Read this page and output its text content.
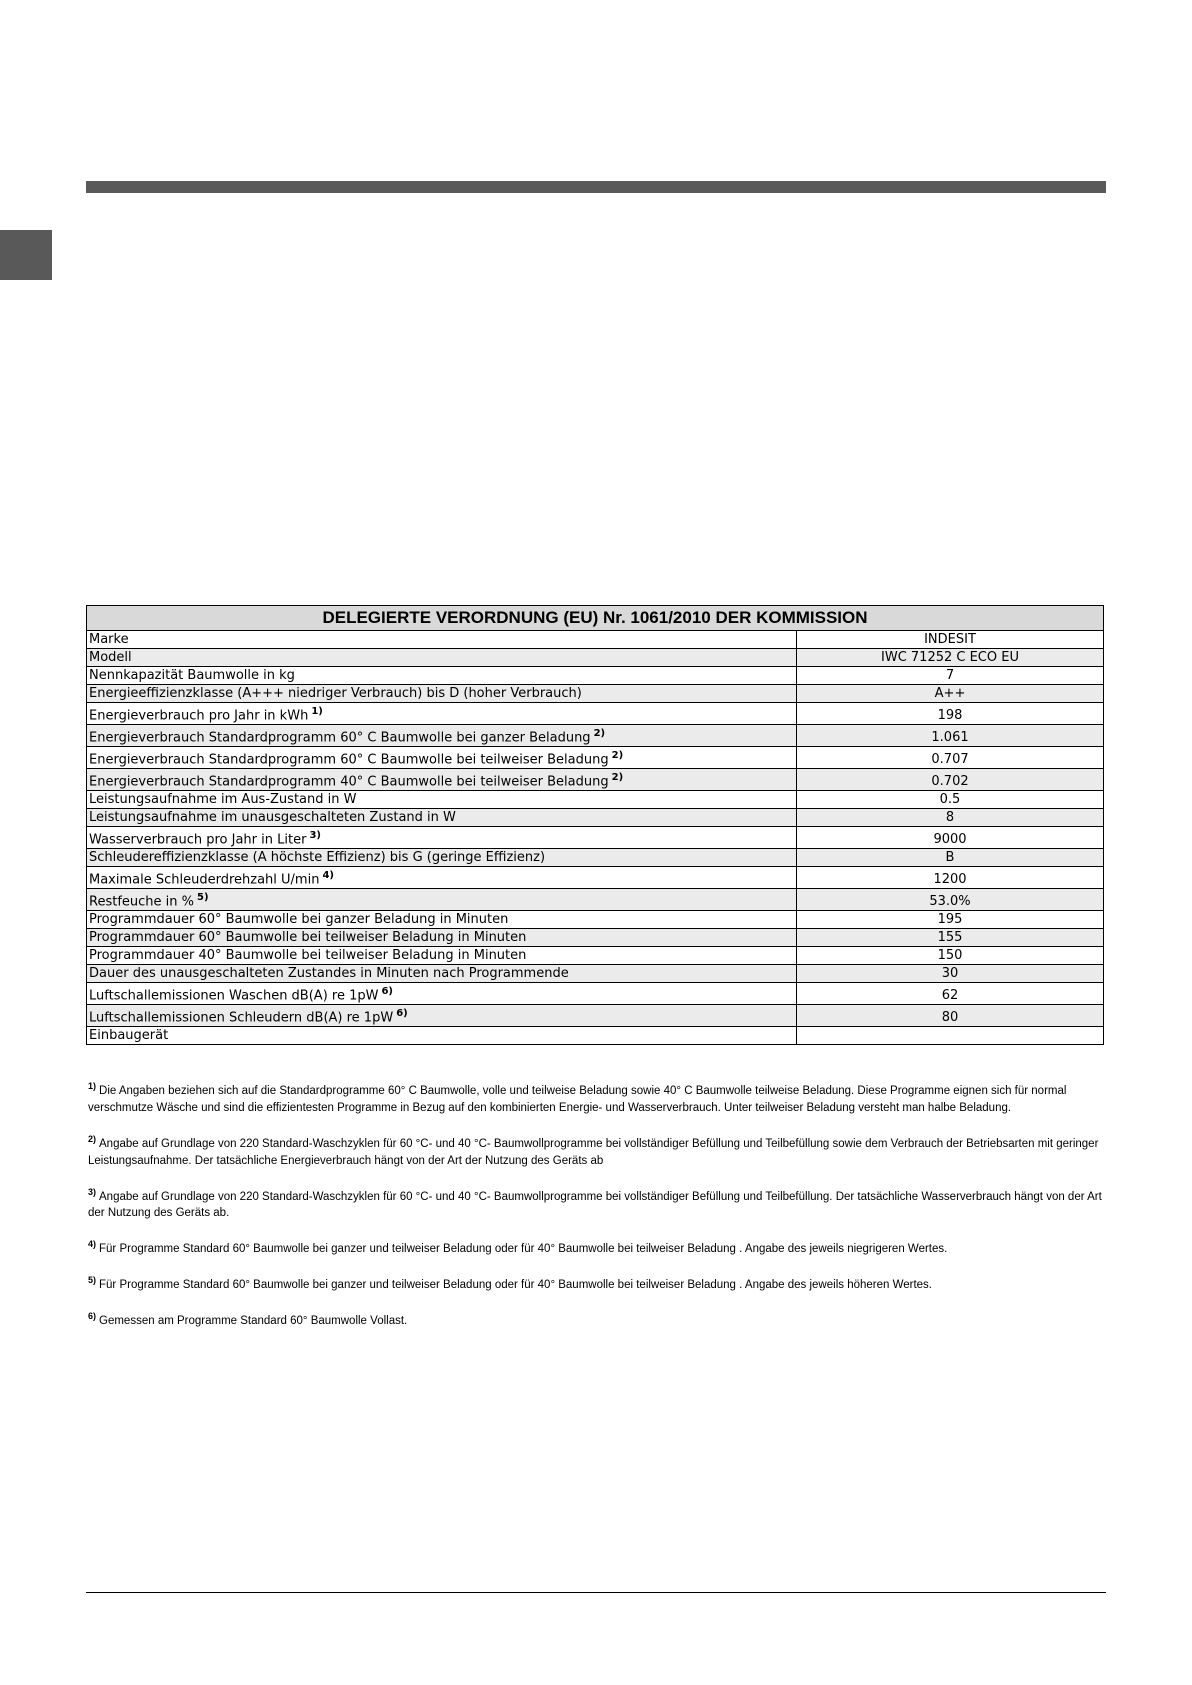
DELEGIERTE VERORDNUNG (EU) Nr. 1061/2010 DER KOMMISSION	
Marke	INDESIT
Modell	IWC 71252 C ECO EU
Nennkapazität Baumwolle in kg	7
Energieeffizienzklasse (A+++ niedriger Verbrauch) bis D (hoher Verbrauch)	A++
Energieverbrauch pro Jahr in kWh $^{1)}$	198
Energieverbrauch Standardprogramm 60° C Baumwolle bei ganzer Beladung $^{2)}$	1.061
Energieverbrauch Standardprogramm 60° C Baumwolle bei teilweiser Beladung $^{2)}$	0.707
Energieverbrauch Standardprogramm 40° C Baumwolle bei teilweiser Beladung $^{2)}$	0.702
Leistungsaufnahme im Aus-Zustand in W	0.5
Leistungsaufnahme im unausgeschalteten Zustand in W	8
Wasserverbrauch pro Jahr in Liter $^{3)}$	9000
Schleudereffizienzklasse (A höchste Effizienz) bis G (geringe Effizienz)	B
Maximale Schleuderdrehzahl U/min $^{4)}$	1200
Restfeuche in % $^{5)}$	53.0%
Programmdauer 60° Baumwolle bei ganzer Beladung in Minuten	195
Programmdauer 60° Baumwolle bei teilweiser Beladung in Minuten	155
Programmdauer 40° Baumwolle bei teilweiser Beladung in Minuten	150
Dauer des unausgeschalteten Zustandes in Minuten nach Programmende	30
Luftschallemissionen Waschen dB(A) re 1pW $^{6)}$	62
Luftschallemissionen Schleudern dB(A) re 1pW $^{6)}$	80
Einbaugerät	

$^{1)}$ Die Angaben beziehen sich auf die Standardprogramme 60° C Baumwolle, volle und teilweise Beladung sowie 40° C Baumwolle teilweise Beladung. Diese Programme eignen sich für normal verschmutze Wäsche und sind die effizientesten Programme in Bezug auf den kombinierten Energie- und Wasserverbrauch. Unter teilweiser Beladung versteht man halbe Beladung.

$^{2)}$ Angabe auf Grundlage von 220 Standard-Waschzyklen für 60 °C- und 40 °C- Baumwollprogramme bei vollständiger Befüllung und Teilbefüllung sowie dem Verbrauch der Betriebsarten mit geringer Leistungsaufnahme. Der tatsächliche Energieverbrauch hängt von der Art der Nutzung des Geräts ab

$^{3)}$ Angabe auf Grundlage von 220 Standard-Waschzyklen für 60 °C- und 40 °C- Baumwollprogramme bei vollständiger Befüllung und Teilbefüllung. Der tatsächliche Wasserverbrauch hängt von der Art der Nutzung des Geräts ab.

$^{4)}$ Für Programme Standard 60° Baumwolle bei ganzer und teilweiser Beladung oder für 40° Baumwolle bei teilweiser Beladung . Angabe des jeweils niegrigeren Wertes.

$^{5)}$ Für Programme Standard 60° Baumwolle bei ganzer und teilweiser Beladung oder für 40° Baumwolle bei teilweiser Beladung . Angabe des jeweils höheren Wertes.

$^{6)}$ Gemessen am Programme Standard 60° Baumwolle Vollast.
